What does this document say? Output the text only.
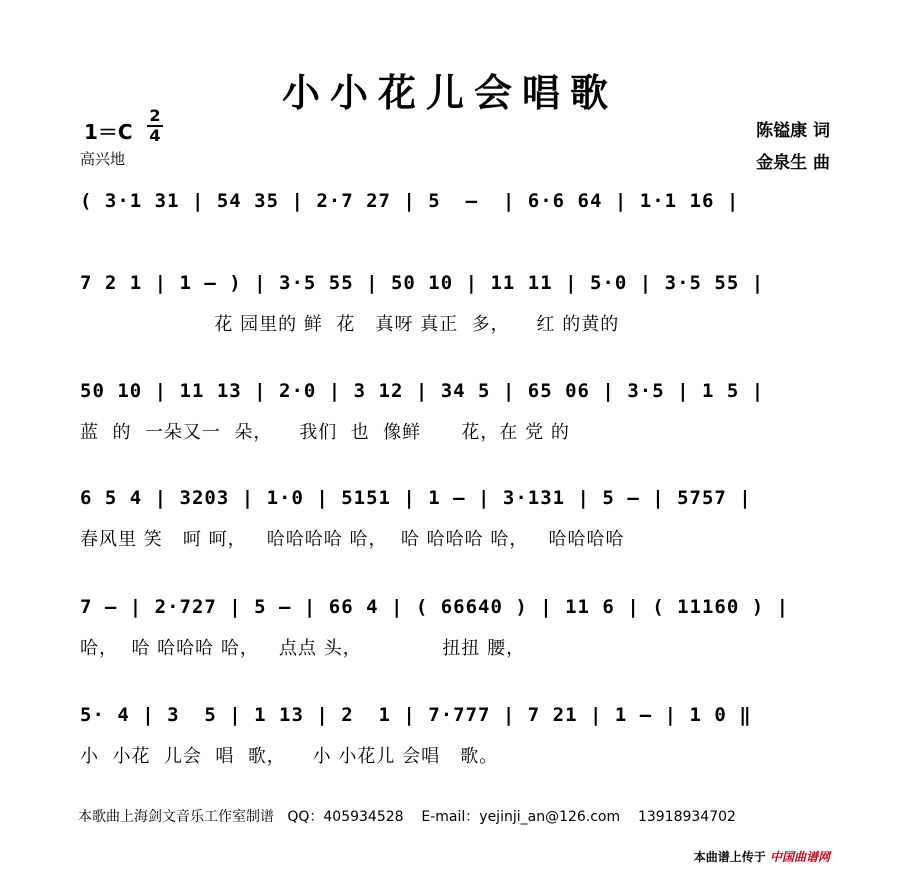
小小花儿会唱歌
1＝C
2
4
高兴地
陈镒康 词
金泉生 曲
( 3·1 31 | 54 35 | 2·7 27 | 5  –  | 6·6 64 | 1·1 16 |
7 2 1 | 1 – ) | 3·5 55 | 50 10 | 11 11 | 5·0 | 3·5 55 |
花 园里的 鲜  花   真呀 真正  多，    红 的黄的
50 10 | 11 13 | 2·0 | 3 12 | 34 5 | 65 06 | 3·5 | 1 5 |
蓝  的  一朵又一  朵，    我们  也  像鲜      花，在 党 的
6 5 4 | 3203 | 1·0 | 5151 | 1 – | 3·131 | 5 – | 5757 |
春风里 笑   呵 呵，   哈哈哈哈 哈，  哈 哈哈哈 哈，   哈哈哈哈
7 – | 2·727 | 5 – | 66 4 | ( 66640 ) | 11 6 | ( 11160 ) |
哈，  哈 哈哈哈 哈，   点点 头，            扭扭 腰，
5· 4 | 3  5 | 1 13 | 2  1 | 7·777 | 7 21 | 1 – | 1 0 ‖
小  小花  儿会  唱  歌，    小 小花儿 会唱   歌。
本歌曲上海剑文音乐工作室制谱 QQ：405934528 E-mail：yejinji_an@126.com 13918934702
本曲谱上传于 中国曲谱网
